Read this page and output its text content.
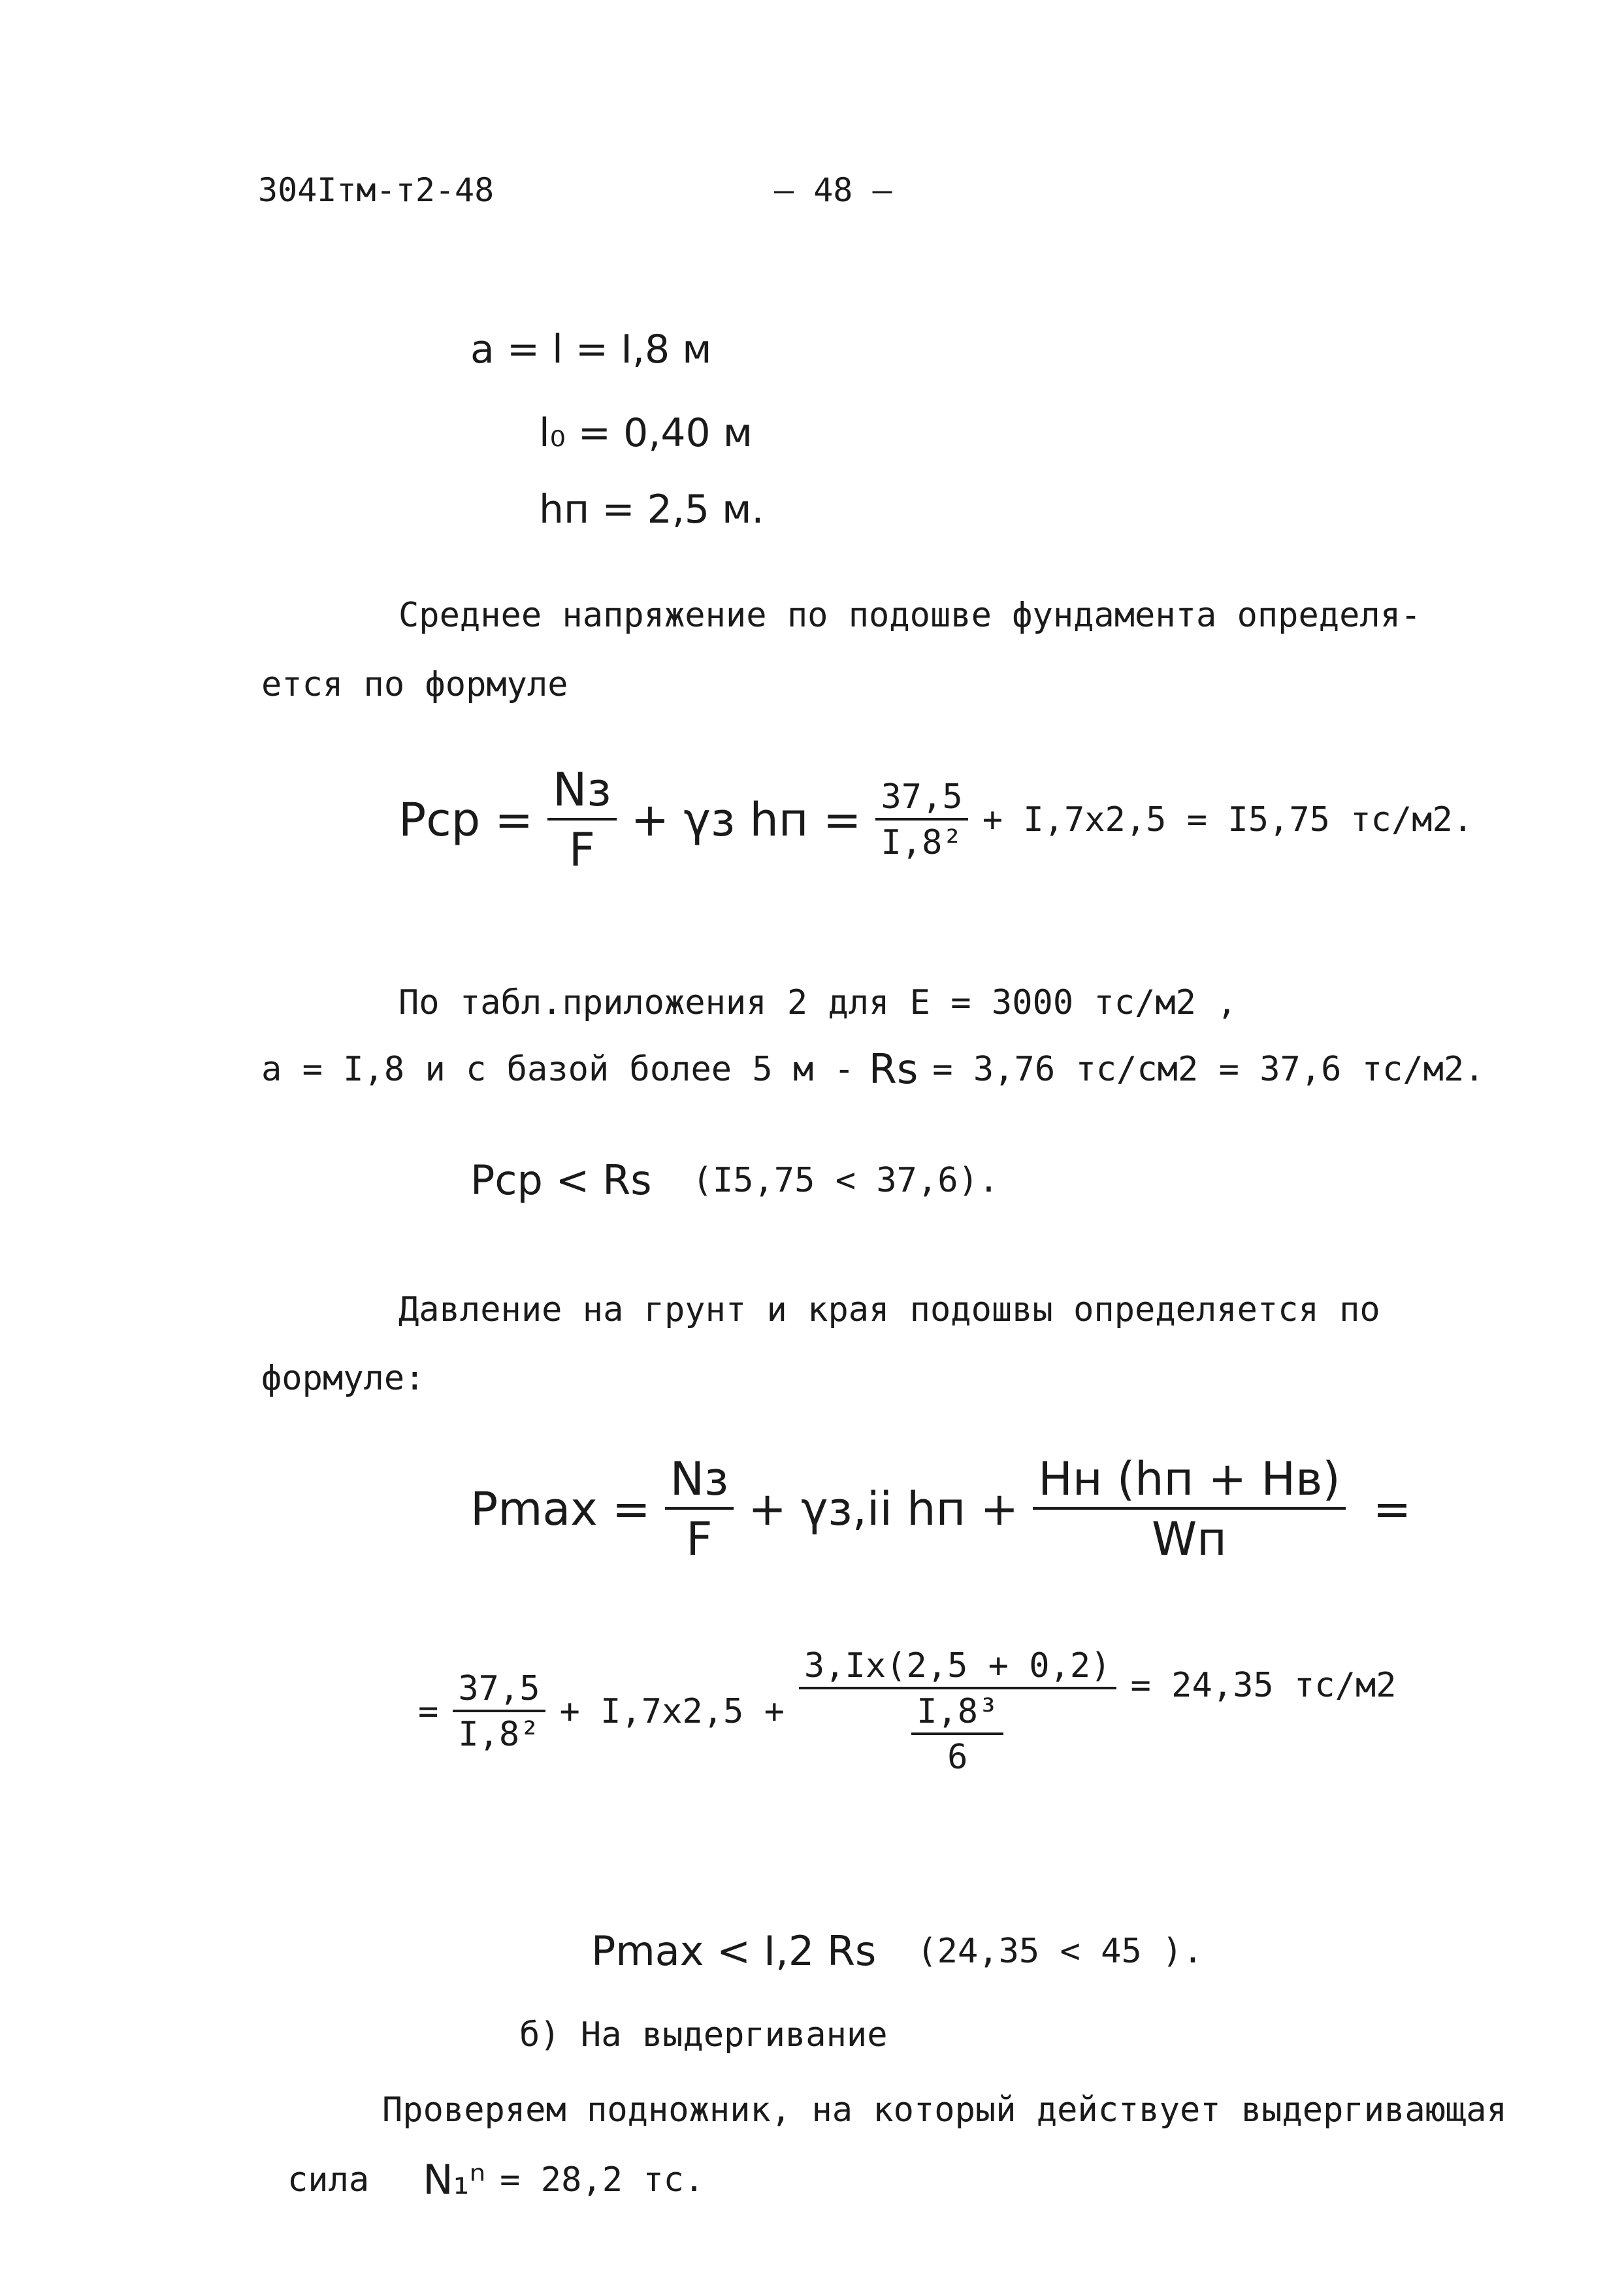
304Iтм-т2-48	– 48 –
a = l = I,8 м
l₀ = 0,40 м
hп = 2,5 м.
Среднее напряжение по подошве фундамента определя-
ется по формуле
Pср = $\frac{Nз}{F} + \gamma з$ hп = $\frac{37,5}{\text{I,8²}} + I,7x2,5 = I5,75$ тс/м2.
По табл.приложения 2 для E = 3000 тс/м2 ,
a = I,8 и с базой более 5 м - Rs = 3,76 тс/см2 = 37,6 тс/м2.
Pср < Rs (I5,75 < 37,6).
Давление на грунт и края подошвы определяется по
формуле:
$Pmax = \frac{Nз}{F} + \gamma з,ii$ hп + $\frac{Hн (hп + Hв)}{Wп}$ =
= $\frac{37,5}{\text{I,8²}} + I,7x2,5 + \frac{3,Ix(2,5 + 0,2)}{\frac{\text{I,8³}}{6}} = 24,35$ тс/м2
Pmax < I,2 Rs (24,35 < 45 ).
б) На выдергивание
Проверяем подножник, на который действует выдергивающая
сила N₁ⁿ = 28,2 тс.
